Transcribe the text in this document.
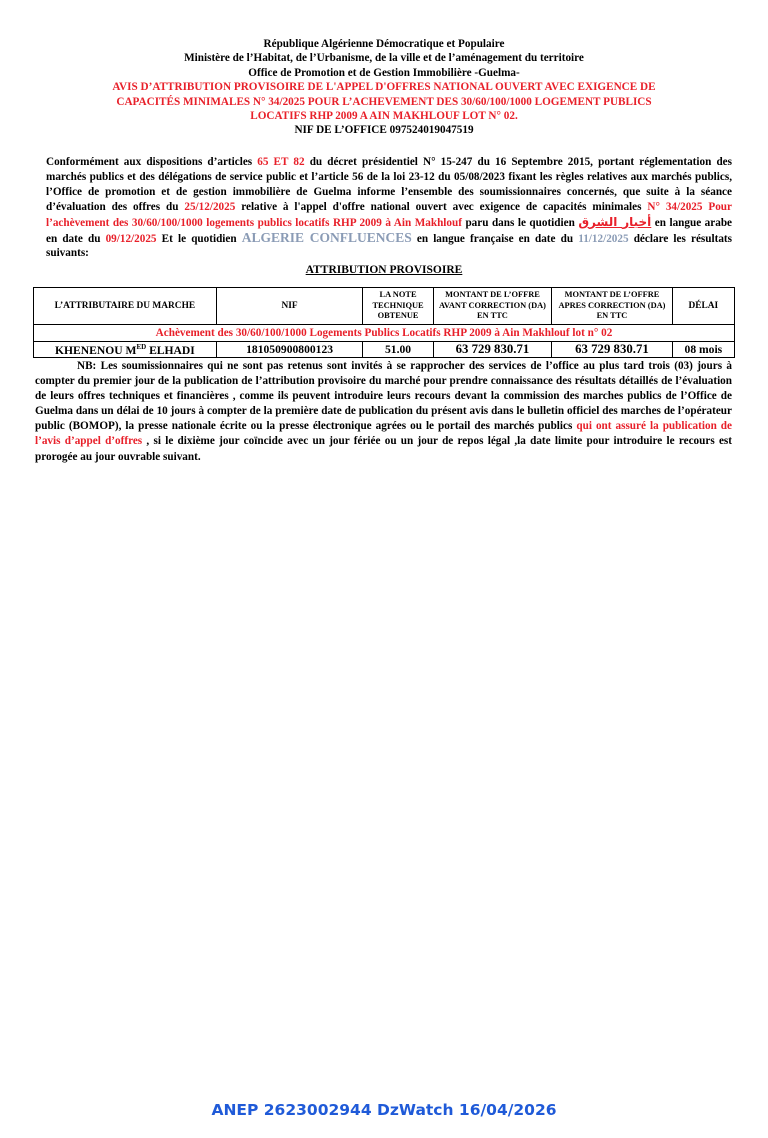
République Algérienne Démocratique et Populaire
Ministère de l’Habitat, de l’Urbanisme, de la ville et de l’aménagement du territoire
Office de Promotion et de Gestion Immobilière -Guelma-
AVIS D’ATTRIBUTION PROVISOIRE DE L'APPEL D'OFFRES NATIONAL OUVERT AVEC EXIGENCE DE
CAPACITÉS MINIMALES N° 34/2025 POUR L’ACHEVEMENT DES 30/60/100/1000 LOGEMENT PUBLICS
LOCATIFS RHP 2009 A AIN MAKHLOUF LOT N° 02.
NIF DE L’OFFICE 097524019047519
Conformément aux dispositions d’articles 65 ET 82 du décret présidentiel N° 15-247 du 16 Septembre 2015, portant réglementation des marchés publics et des délégations de service public et l’article 56 de la loi 23-12 du 05/08/2023 fixant les règles relatives aux marchés publics, l’Office de promotion et de gestion immobilière de Guelma informe l’ensemble des soumissionnaires concernés, que suite à la séance d’évaluation des offres du 25/12/2025 relative à l'appel d'offre national ouvert avec exigence de capacités minimales N° 34/2025 Pour l’achèvement des 30/60/100/1000 logements publics locatifs RHP 2009 à Ain Makhlouf paru dans le quotidien أخبار الشرق en langue arabe en date du 09/12/2025 Et le quotidien ALGERIE CONFLUENCES en langue française en date du 11/12/2025 déclare les résultats suivants:
ATTRIBUTION PROVISOIRE
L’ATTRIBUTAIRE DU MARCHE	NIF	LA NOTE TECHNIQUE OBTENUE	MONTANT DE L’OFFRE AVANT CORRECTION (DA) EN TTC	MONTANT DE L’OFFRE APRES CORRECTION (DA) EN TTC	DÉLAI
Achèvement des 30/60/100/1000 Logements Publics Locatifs RHP 2009 à Ain Makhlouf lot n° 02					
KHENENOU $M^{ED}$ ELHADI	181050900800123	51.00	63 729 830.71	63 729 830.71	08 mois
NB: Les soumissionnaires qui ne sont pas retenus sont invités à se rapprocher des services de l’office au plus tard trois (03) jours à compter du premier jour de la publication de l’attribution provisoire du marché pour prendre connaissance des résultats détaillés de l’évaluation de leurs offres techniques et financières , comme ils peuvent introduire leurs recours devant la commission des marches publics de l’Office de Guelma dans un délai de 10 jours à compter de la première date de publication du présent avis dans le bulletin officiel des marches de l’opérateur public (BOMOP), la presse nationale écrite ou la presse électronique agrées ou le portail des marchés publics qui ont assuré la publication de l’avis d’appel d’offres , si le dixième jour coïncide avec un jour fériée ou un jour de repos légal ,la date limite pour introduire le recours est prorogée au jour ouvrable suivant.
ANEP 2623002944 DzWatch 16/04/2026
